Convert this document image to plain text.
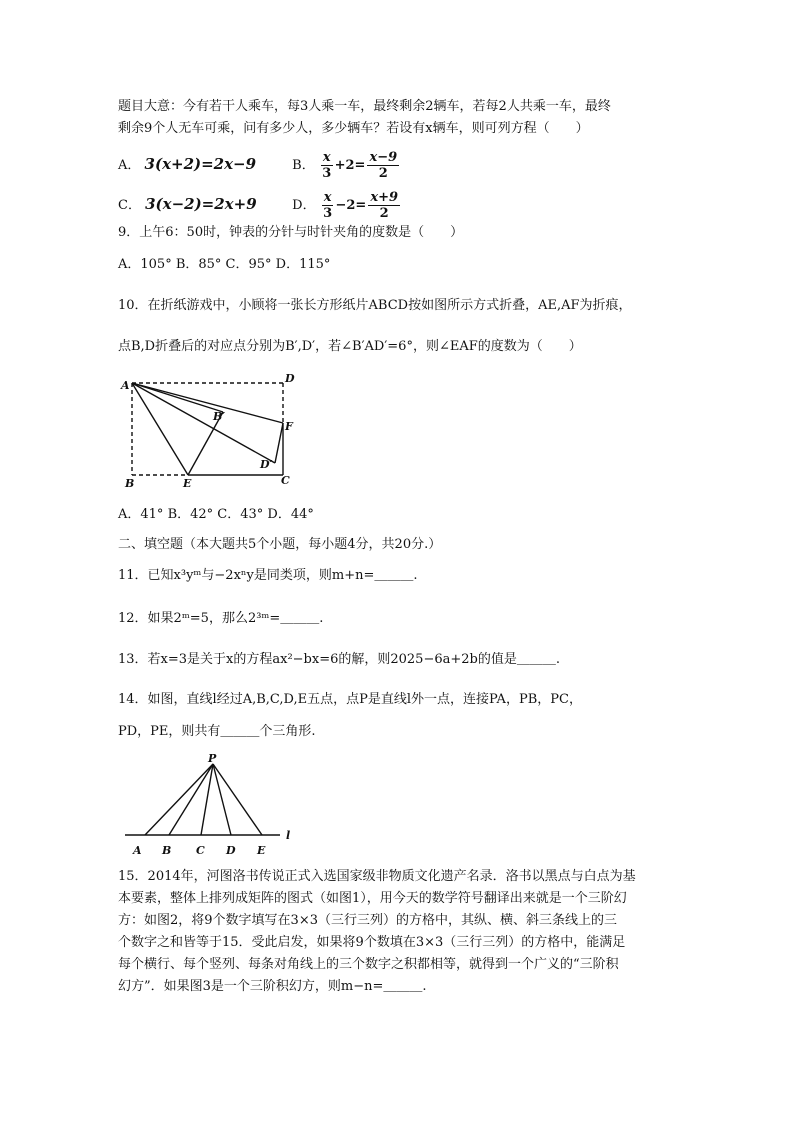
题目大意：今有若干人乘车，每3人乘一车，最终剩余2辆车，若每2人共乘一车，最终
剩余9个人无车可乘，问有多少人，多少辆车？若设有x辆车，则可列方程（　　）
A． 3(x+2)=2x−9	B． $\frac{x}{3} +2= \frac{x-9}{2}$
C． 3(x−2)=2x+9	D． $\frac{x}{3} -2= \frac{x+9}{2}$
9．上午6：50时，钟表的分针与时针夹角的度数是（　　）
A．105° B．85° C．95° D．115°
10．在折纸游戏中，小顾将一张长方形纸片ABCD按如图所示方式折叠，AE,AF为折痕，
点B,D折叠后的对应点分别为B′,D′，若∠B′AD′=6°，则∠EAF的度数为（　　）
A
D
F
B′
D′
B	E	C
A．41° B．42° C．43° D．44°
二、填空题（本大题共5个小题，每小题4分，共20分.）
11．已知x³yᵐ与−2xⁿy是同类项，则m+n=＿＿＿.
12．如果2ᵐ=5，那么2³ᵐ=＿＿＿.
13．若x=3是关于x的方程ax²−bx=6的解，则2025−6a+2b的值是＿＿＿.
14．如图，直线l经过A,B,C,D,E五点，点P是直线l外一点，连接PA，PB，PC，
PD，PE，则共有＿＿＿个三角形.
P
l
A B C D E
15．2014年，河图洛书传说正式入选国家级非物质文化遗产名录．洛书以黑点与白点为基
本要素，整体上排列成矩阵的图式（如图1），用今天的数学符号翻译出来就是一个三阶幻
方：如图2，将9个数字填写在3×3（三行三列）的方格中，其纵、横、斜三条线上的三
个数字之和皆等于15．受此启发，如果将9个数填在3×3（三行三列）的方格中，能满足
每个横行、每个竖列、每条对角线上的三个数字之积都相等，就得到一个广义的“三阶积
幻方”．如果图3是一个三阶积幻方，则m−n=＿＿＿.
